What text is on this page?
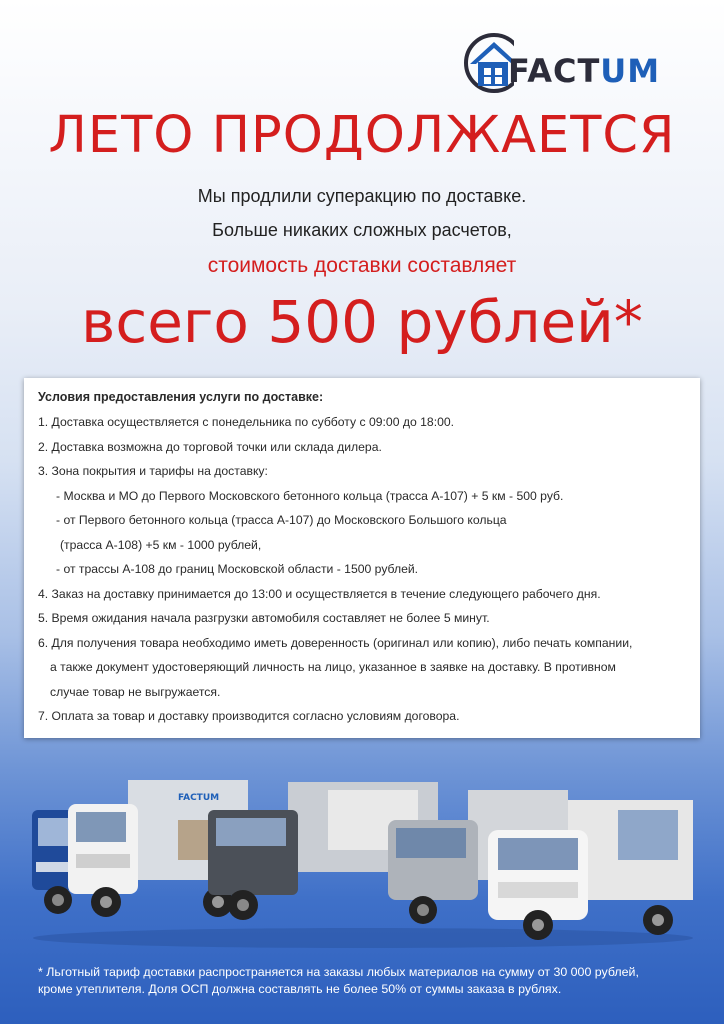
FACTUM
ЛЕТО ПРОДОЛЖАЕТСЯ
Мы продлили суперакцию по доставке.
Больше никаких сложных расчетов,
стоимость доставки составляет
всего 500 рублей*
Условия предоставления услуги по доставке:
1. Доставка осуществляется с понедельника по субботу с 09:00 до 18:00.
2. Доставка возможна до торговой точки или склада дилера.
3. Зона покрытия и тарифы на доставку:
- Москва и МО до Первого Московского бетонного кольца (трасса А-107) + 5 км - 500 руб.
- от Первого бетонного кольца (трасса А-107) до Московского Большого кольца
(трасса А-108) +5 км - 1000 рублей,
- от трассы А-108 до границ Московской области - 1500 рублей.
4. Заказ на доставку принимается до 13:00 и осуществляется в течение следующего рабочего дня.
5. Время ожидания начала разгрузки автомобиля составляет не более 5 минут.
6. Для получения товара необходимо иметь доверенность (оригинал или копию), либо печать компании,
а также документ удостоверяющий личность на лицо, указанное в заявке на доставку. В противном
случае товар не выгружается.
7. Оплата за товар и доставку производится согласно условиям договора.
FACTUM
* Льготный тариф доставки распространяется на заказы любых материалов на сумму от 30 000 рублей,
кроме утеплителя. Доля ОСП должна составлять не более 50% от суммы заказа в рублях.
